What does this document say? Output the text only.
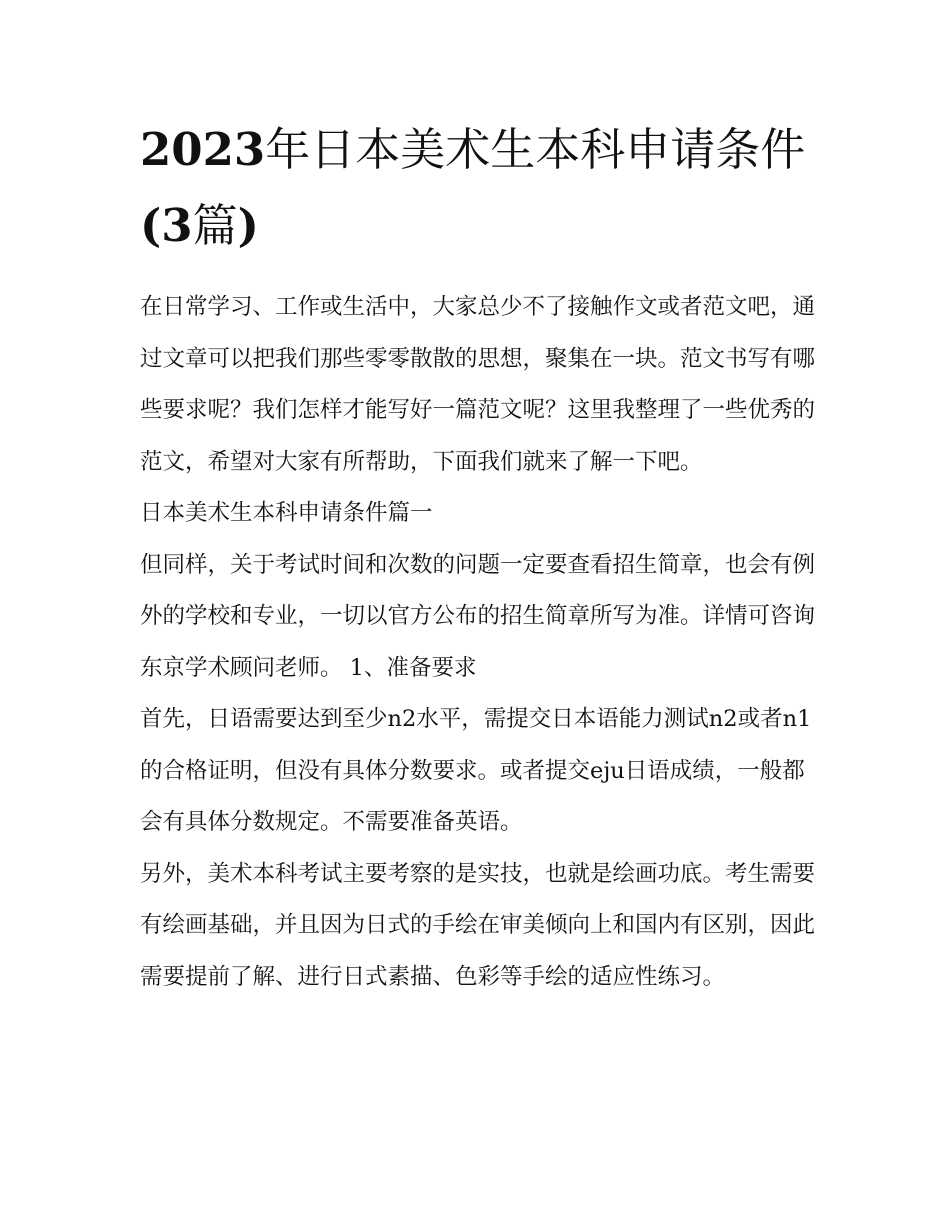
2023年日本美术生本科申请条件(3篇)

在日常学习、工作或生活中，大家总少不了接触作文或者范文吧，通过文章可以把我们那些零零散散的思想，聚集在一块。范文书写有哪些要求呢？我们怎样才能写好一篇范文呢？这里我整理了一些优秀的范文，希望对大家有所帮助，下面我们就来了解一下吧。

日本美术生本科申请条件篇一

但同样，关于考试时间和次数的问题一定要查看招生简章，也会有例外的学校和专业，一切以官方公布的招生简章所写为准。详情可咨询东京学术顾问老师。 1、准备要求

首先，日语需要达到至少n2水平，需提交日本语能力测试n2或者n1的合格证明，但没有具体分数要求。或者提交eju日语成绩，一般都会有具体分数规定。不需要准备英语。

另外，美术本科考试主要考察的是实技，也就是绘画功底。考生需要有绘画基础，并且因为日式的手绘在审美倾向上和国内有区别，因此需要提前了解、进行日式素描、色彩等手绘的适应性练习。
